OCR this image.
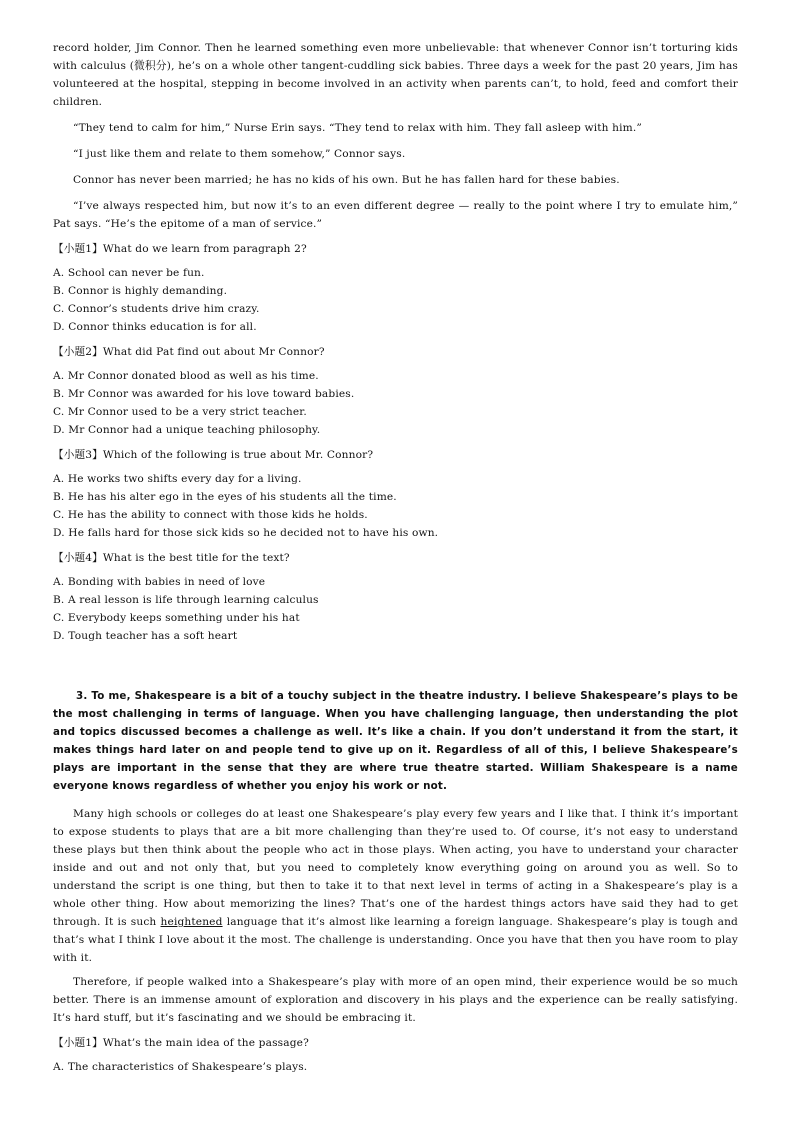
record holder, Jim Connor. Then he learned something even more unbelievable: that whenever Connor isn’t torturing kids with calculus (微积分), he’s on a whole other tangent-cuddling sick babies. Three days a week for the past 20 years, Jim has volunteered at the hospital, stepping in become involved in an activity when parents can’t, to hold, feed and comfort their children.

“They tend to calm for him,” Nurse Erin says. “They tend to relax with him. They fall asleep with him.”

“I just like them and relate to them somehow,” Connor says.

Connor has never been married; he has no kids of his own. But he has fallen hard for these babies.

“I’ve always respected him, but now it’s to an even different degree — really to the point where I try to emulate him,” Pat says. “He’s the epitome of a man of service.”

【小题1】What do we learn from paragraph 2?

A. School can never be fun.
B. Connor is highly demanding.
C. Connor’s students drive him crazy.
D. Connor thinks education is for all.

【小题2】What did Pat find out about Mr Connor?

A. Mr Connor donated blood as well as his time.
B. Mr Connor was awarded for his love toward babies.
C. Mr Connor used to be a very strict teacher.
D. Mr Connor had a unique teaching philosophy.

【小题3】Which of the following is true about Mr. Connor?

A. He works two shifts every day for a living.
B. He has his alter ego in the eyes of his students all the time.
C. He has the ability to connect with those kids he holds.
D. He falls hard for those sick kids so he decided not to have his own.

【小题4】What is the best title for the text?

A. Bonding with babies in need of love
B. A real lesson is life through learning calculus
C. Everybody keeps something under his hat
D. Tough teacher has a soft heart

3. To me, Shakespeare is a bit of a touchy subject in the theatre industry. I believe Shakespeare’s plays to be the most challenging in terms of language. When you have challenging language, then understanding the plot and topics discussed becomes a challenge as well. It’s like a chain. If you don’t understand it from the start, it makes things hard later on and people tend to give up on it. Regardless of all of this, I believe Shakespeare’s plays are important in the sense that they are where true theatre started. William Shakespeare is a name everyone knows regardless of whether you enjoy his work or not.

Many high schools or colleges do at least one Shakespeare’s play every few years and I like that. I think it’s important to expose students to plays that are a bit more challenging than they’re used to. Of course, it’s not easy to understand these plays but then think about the people who act in those plays. When acting, you have to understand your character inside and out and not only that, but you need to completely know everything going on around you as well. So to understand the script is one thing, but then to take it to that next level in terms of acting in a Shakespeare’s play is a whole other thing. How about memorizing the lines? That’s one of the hardest things actors have said they had to get through. It is such heightened language that it’s almost like learning a foreign language. Shakespeare’s play is tough and that’s what I think I love about it the most. The challenge is understanding. Once you have that then you have room to play with it.

Therefore, if people walked into a Shakespeare’s play with more of an open mind, their experience would be so much better. There is an immense amount of exploration and discovery in his plays and the experience can be really satisfying. It’s hard stuff, but it’s fascinating and we should be embracing it.

【小题1】What’s the main idea of the passage?

A. The characteristics of Shakespeare’s plays.
